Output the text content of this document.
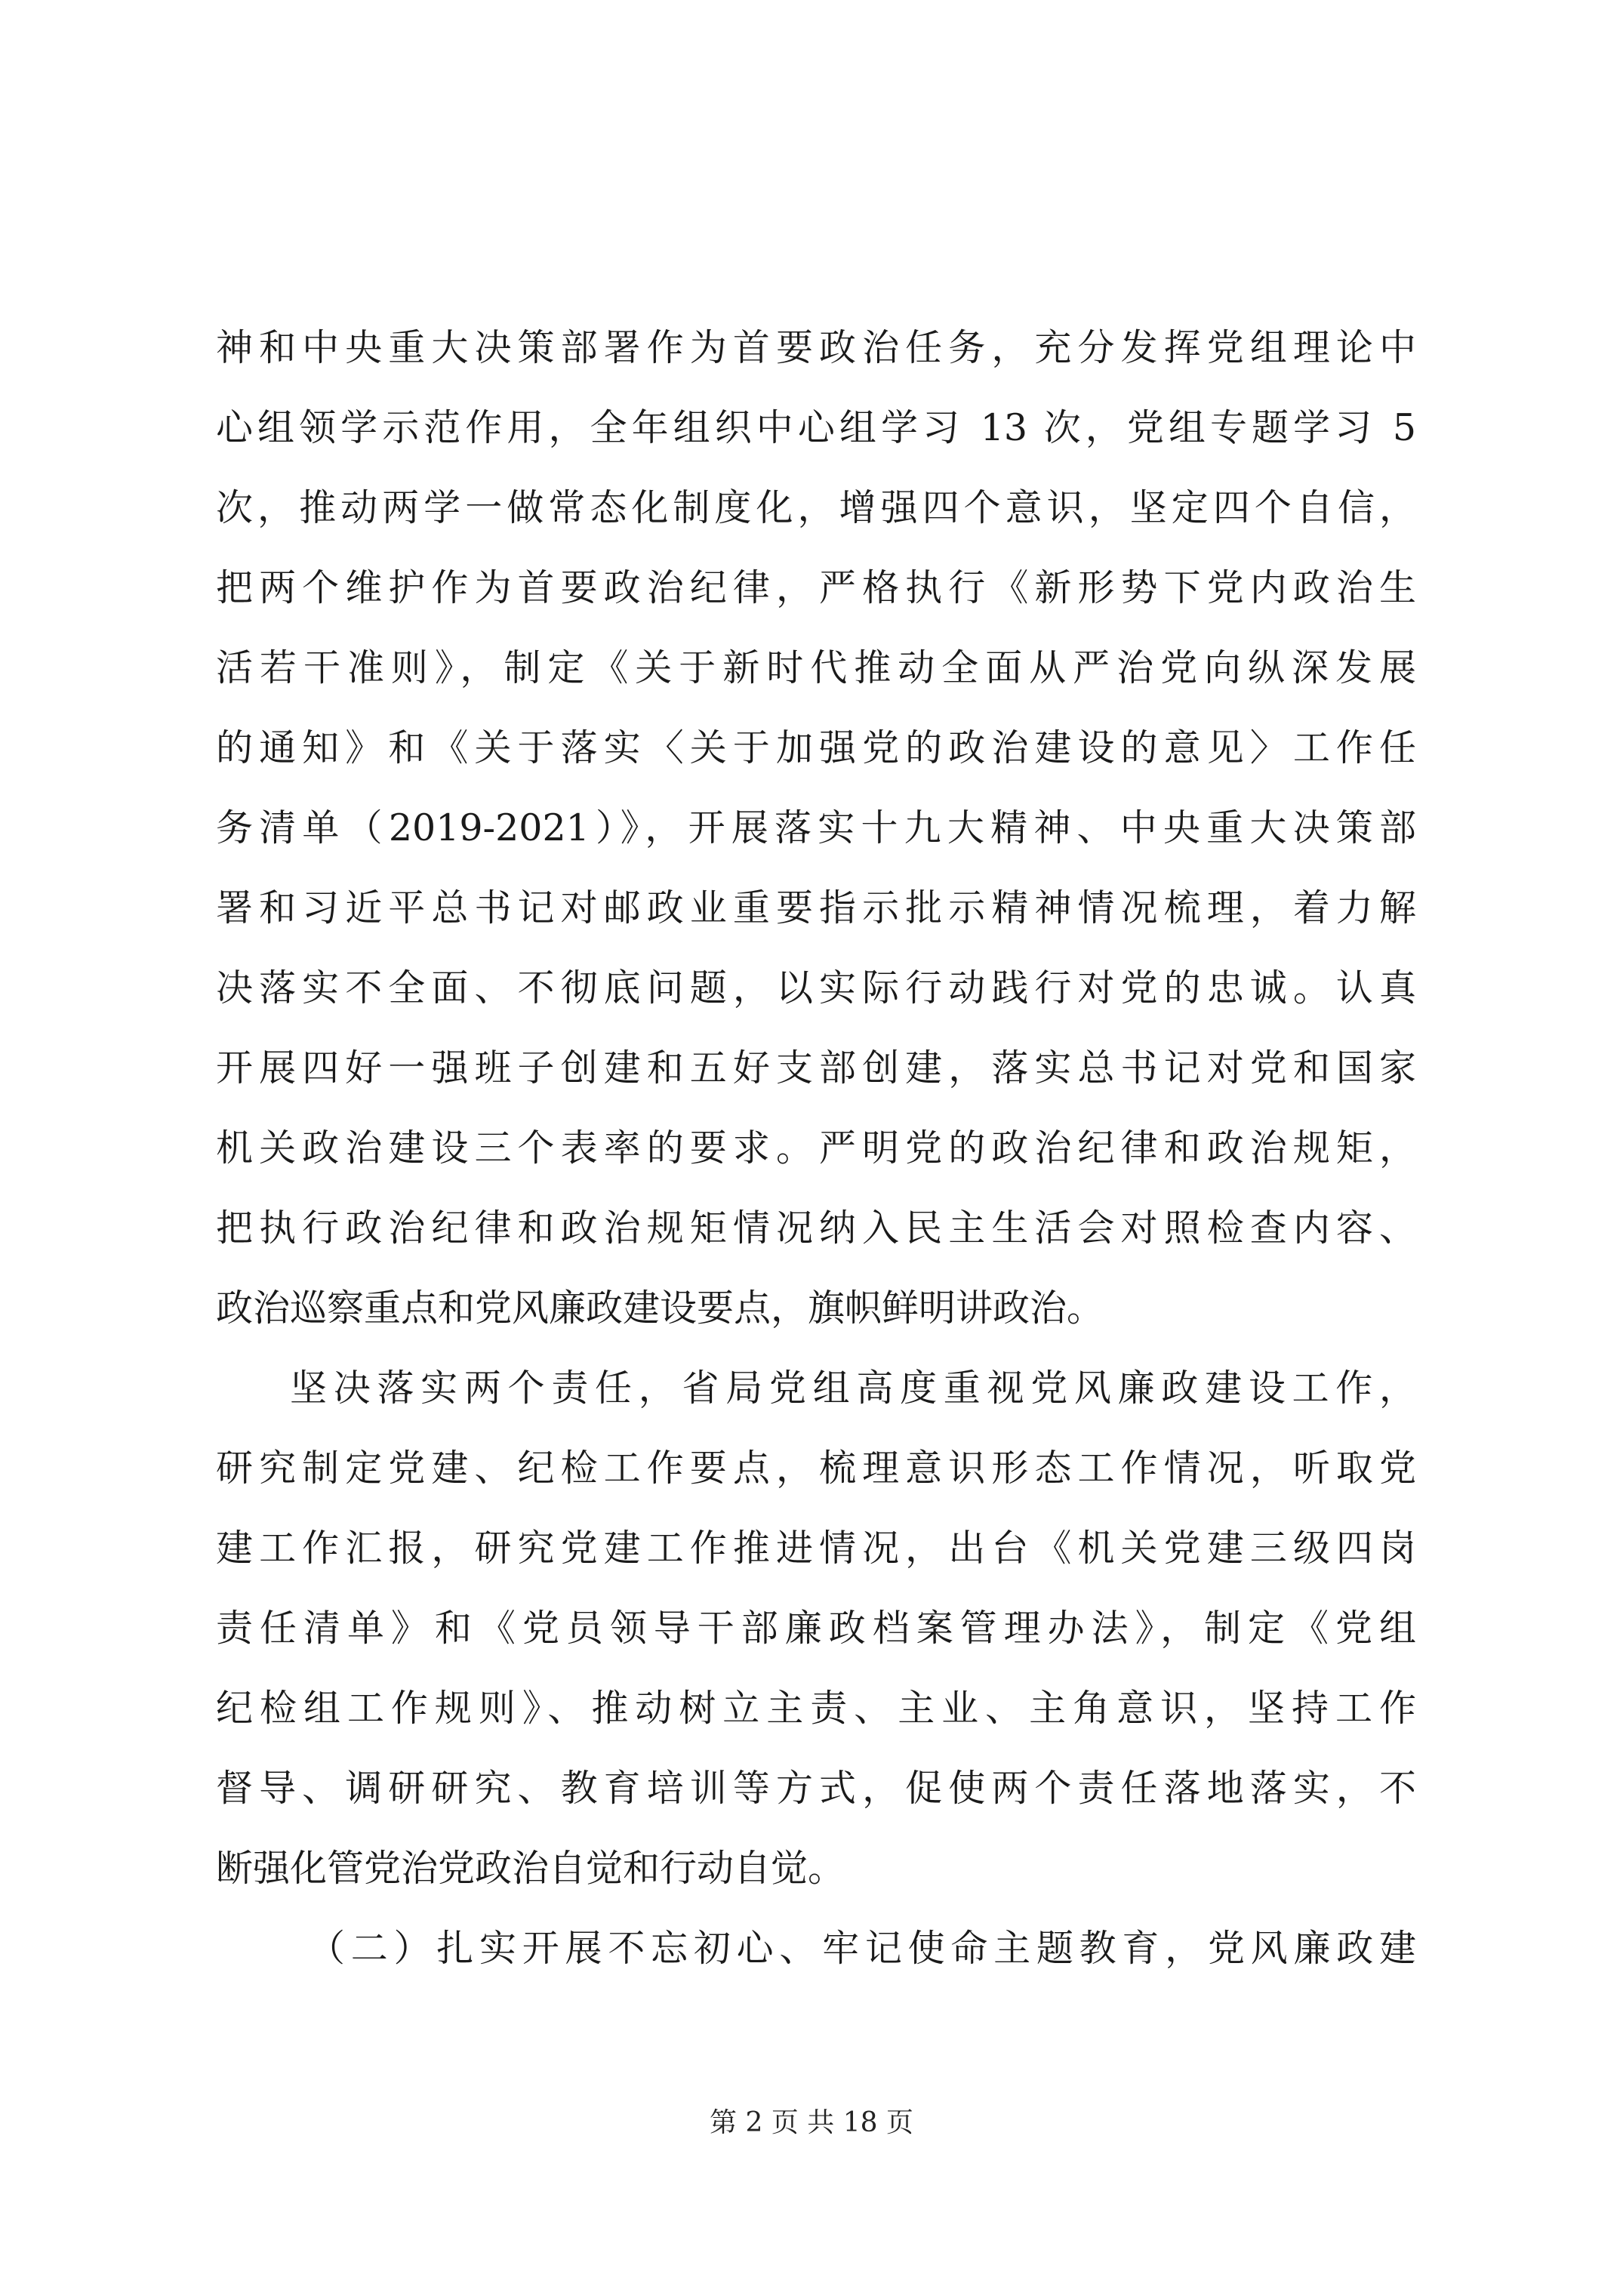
神和中央重大决策部署作为首要政治任务，充分发挥党组理论中
心组领学示范作用，全年组织中心组学习 13 次，党组专题学习 5
次，推动两学一做常态化制度化，增强四个意识，坚定四个自信，
把两个维护作为首要政治纪律，严格执行《新形势下党内政治生
活若干准则》，制定《关于新时代推动全面从严治党向纵深发展
的通知》和《关于落实〈关于加强党的政治建设的意见〉工作任
务清单（2019-2021）》，开展落实十九大精神、中央重大决策部
署和习近平总书记对邮政业重要指示批示精神情况梳理，着力解
决落实不全面、不彻底问题，以实际行动践行对党的忠诚。认真
开展四好一强班子创建和五好支部创建，落实总书记对党和国家
机关政治建设三个表率的要求。严明党的政治纪律和政治规矩，
把执行政治纪律和政治规矩情况纳入民主生活会对照检查内容、
政治巡察重点和党风廉政建设要点，旗帜鲜明讲政治。
坚决落实两个责任，省局党组高度重视党风廉政建设工作，
研究制定党建、纪检工作要点，梳理意识形态工作情况，听取党
建工作汇报，研究党建工作推进情况，出台《机关党建三级四岗
责任清单》和《党员领导干部廉政档案管理办法》，制定《党组
纪检组工作规则》、推动树立主责、主业、主角意识，坚持工作
督导、调研研究、教育培训等方式，促使两个责任落地落实，不
断强化管党治党政治自觉和行动自觉。
（二）扎实开展不忘初心、牢记使命主题教育，党风廉政建
第 2 页 共 18 页
